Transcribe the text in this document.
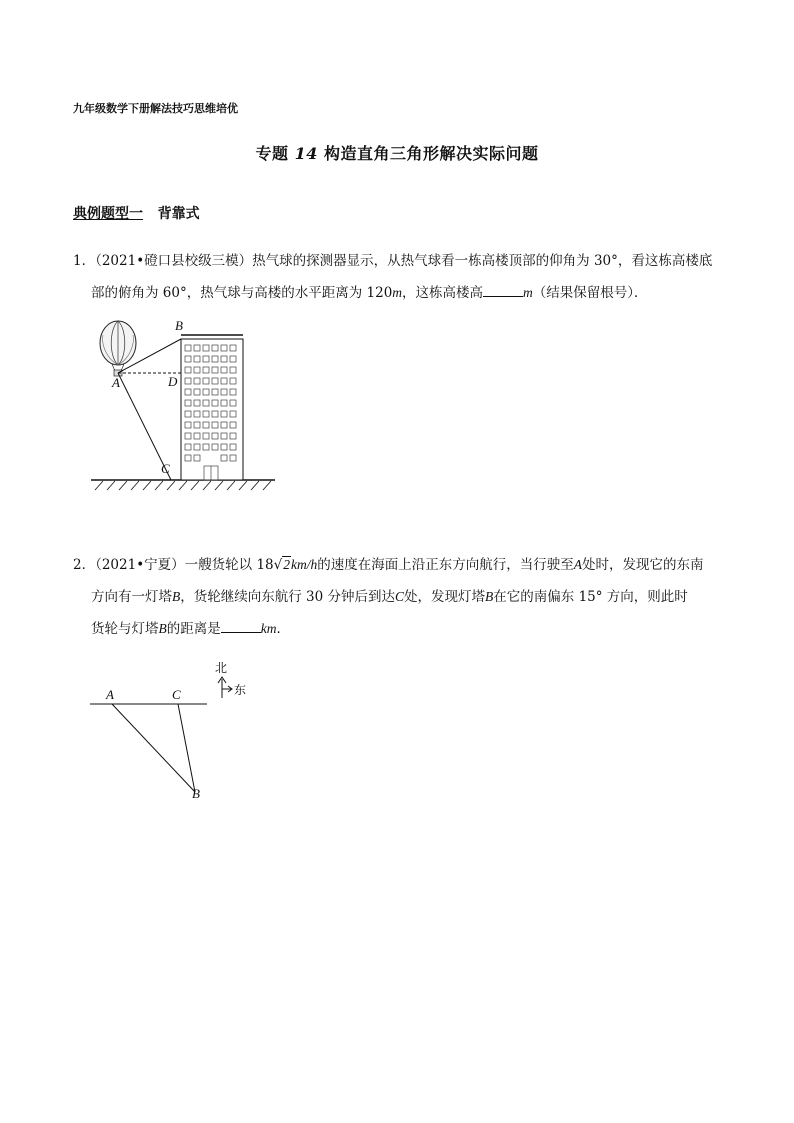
九年级数学下册解法技巧思维培优
专题 14 构造直角三角形解决实际问题
典例题型一 背靠式
1．（2021•磴口县校级三模）热气球的探测器显示，从热气球看一栋高楼顶部的仰角为 30°，看这栋高楼底
部的俯角为 60°，热气球与高楼的水平距离为 120m，这栋高楼高	m（结果保留根号）．
B
A	D
C
2．（2021•宁夏）一艘货轮以 18√2km/h的速度在海面上沿正东方向航行，当行驶至A处时，发现它的东南
方向有一灯塔B，货轮继续向东航行 30 分钟后到达C处，发现灯塔B在它的南偏东 15° 方向，则此时
货轮与灯塔B的距离是	km．
A	C
B
北
东
